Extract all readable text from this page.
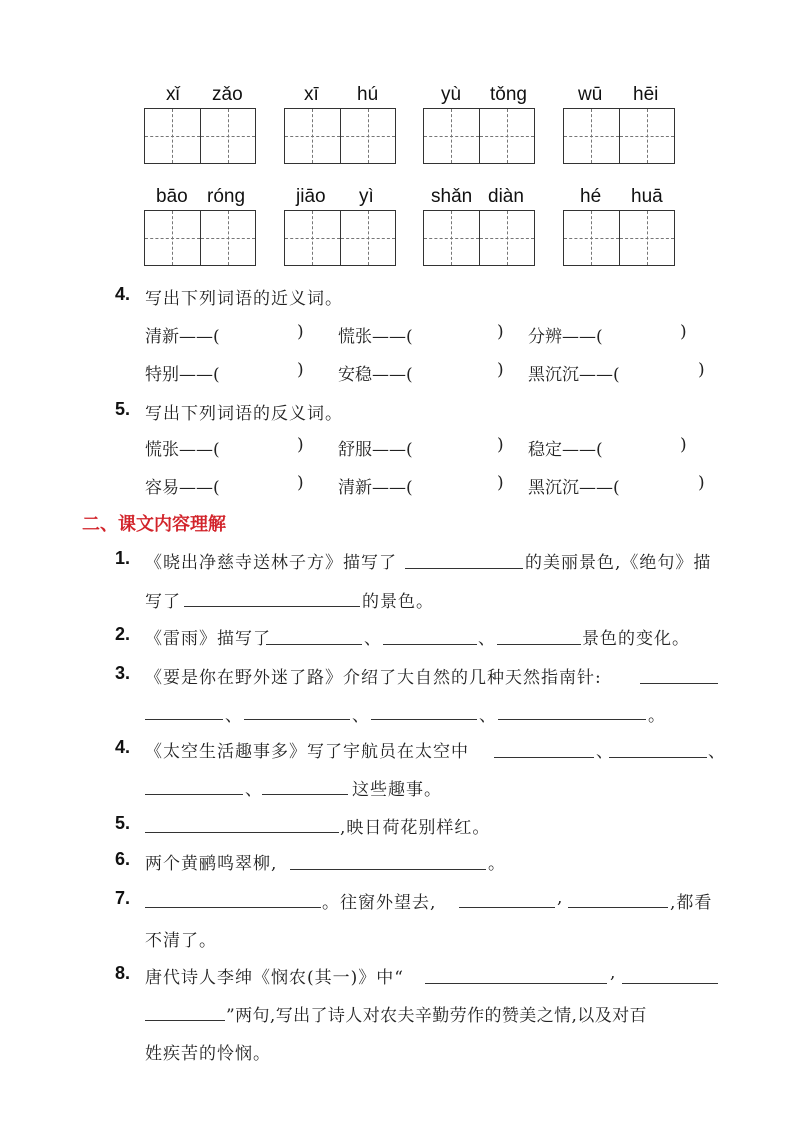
xǐ zǎo	xī hú	yù tǒng	wū hēi
bāo róng	jiāo yì	shǎn diàn	hé huā
4. 写出下列词语的近义词。
清新——(	) 慌张——(	) 分辨——(	)
特别——(	) 安稳——(	) 黑沉沉——(	)
5. 写出下列词语的反义词。
慌张——(	) 舒服——(	) 稳定——(	)
容易——(	) 清新——(	) 黑沉沉——(	)
二、课文内容理解
1. 《晓出净慈寺送林子方》描写了	的美丽景色,《绝句》描
写了	的景色。
2. 《雷雨》描写了	、	、	景色的变化。
3. 《要是你在野外迷了路》介绍了大自然的几种天然指南针:
、	、	、	。
4. 《太空生活趣事多》写了宇航员在太空中	、	、
、	这些趣事。
5.	,映日荷花别样红。
6. 两个黄鹂鸣翠柳,	。
7.	。往窗外望去,	,	,都看
不清了。
8. 唐代诗人李绅《悯农(其一)》中“	,
”两句,写出了诗人对农夫辛勤劳作的赞美之情,以及对百
姓疾苦的怜悯。
